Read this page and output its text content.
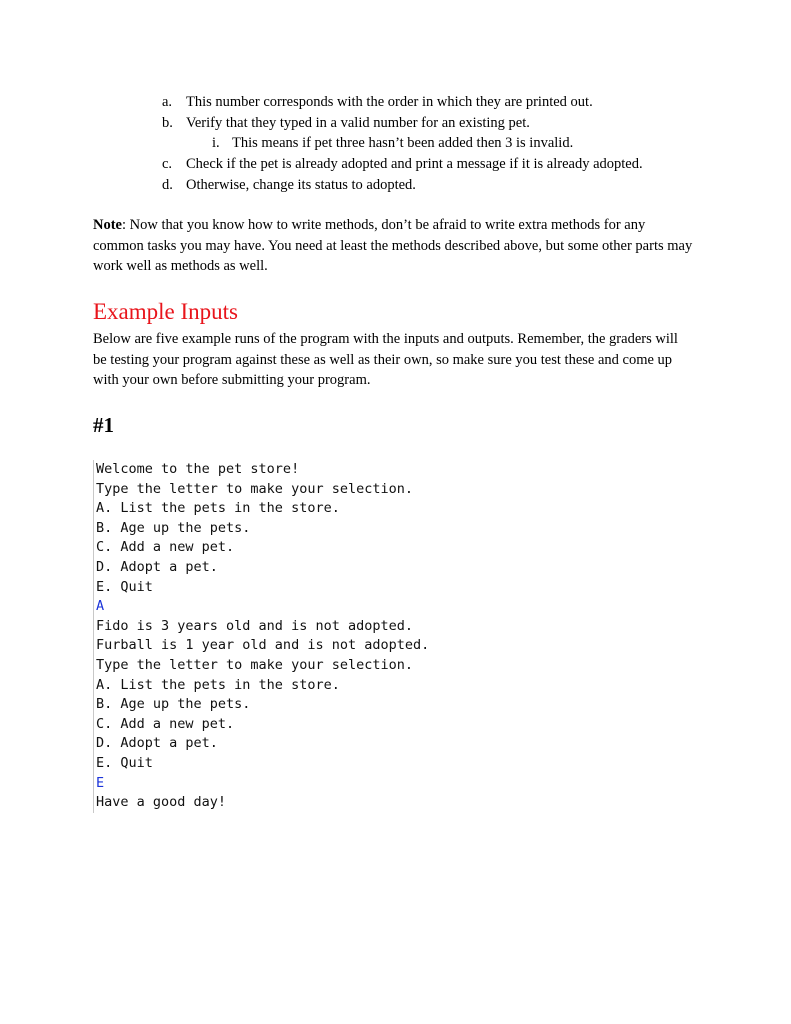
a. This number corresponds with the order in which they are printed out.
b. Verify that they typed in a valid number for an existing pet.
i. This means if pet three hasn’t been added then 3 is invalid.
c. Check if the pet is already adopted and print a message if it is already adopted.
d. Otherwise, change its status to adopted.
Note: Now that you know how to write methods, don’t be afraid to write extra methods for any common tasks you may have. You need at least the methods described above, but some other parts may work well as methods as well.
Example Inputs
Below are five example runs of the program with the inputs and outputs. Remember, the graders will be testing your program against these as well as their own, so make sure you test these and come up with your own before submitting your program.
#1
Welcome to the pet store!
Type the letter to make your selection.
A. List the pets in the store.
B. Age up the pets.
C. Add a new pet.
D. Adopt a pet.
E. Quit
A
Fido is 3 years old and is not adopted.
Furball is 1 year old and is not adopted.
Type the letter to make your selection.
A. List the pets in the store.
B. Age up the pets.
C. Add a new pet.
D. Adopt a pet.
E. Quit
E
Have a good day!
